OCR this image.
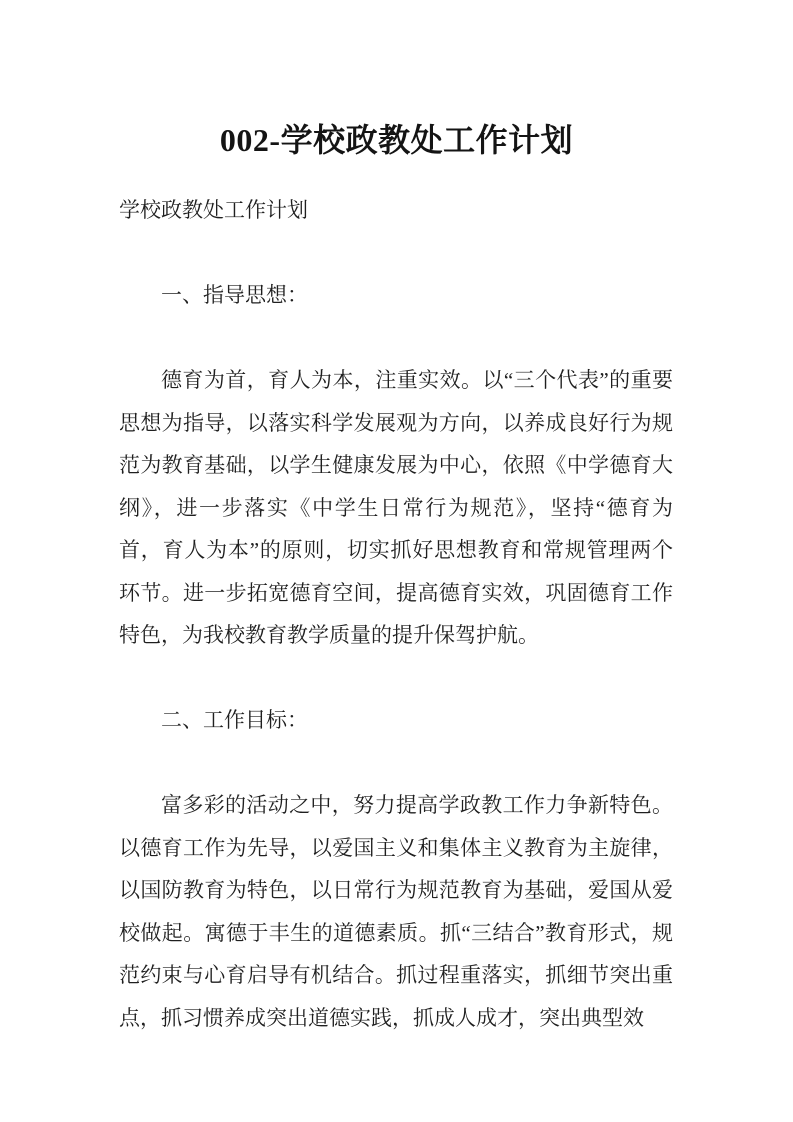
002-学校政教处工作计划

学校政教处工作计划

一、指导思想：

德育为首，育人为本，注重实效。以“三个代表”的重要思想为指导，以落实科学发展观为方向，以养成良好行为规范为教育基础，以学生健康发展为中心，依照《中学德育大纲》，进一步落实《中学生日常行为规范》，坚持“德育为首，育人为本”的原则，切实抓好思想教育和常规管理两个环节。进一步拓宽德育空间，提高德育实效，巩固德育工作特色，为我校教育教学质量的提升保驾护航。

二、工作目标：

富多彩的活动之中，努力提高学政教工作力争新特色。以德育工作为先导，以爱国主义和集体主义教育为主旋律，以国防教育为特色，以日常行为规范教育为基础，爱国从爱校做起。寓德于丰生的道德素质。抓“三结合”教育形式，规范约束与心育启导有机结合。抓过程重落实，抓细节突出重点，抓习惯养成突出道德实践，抓成人成才，突出典型效
